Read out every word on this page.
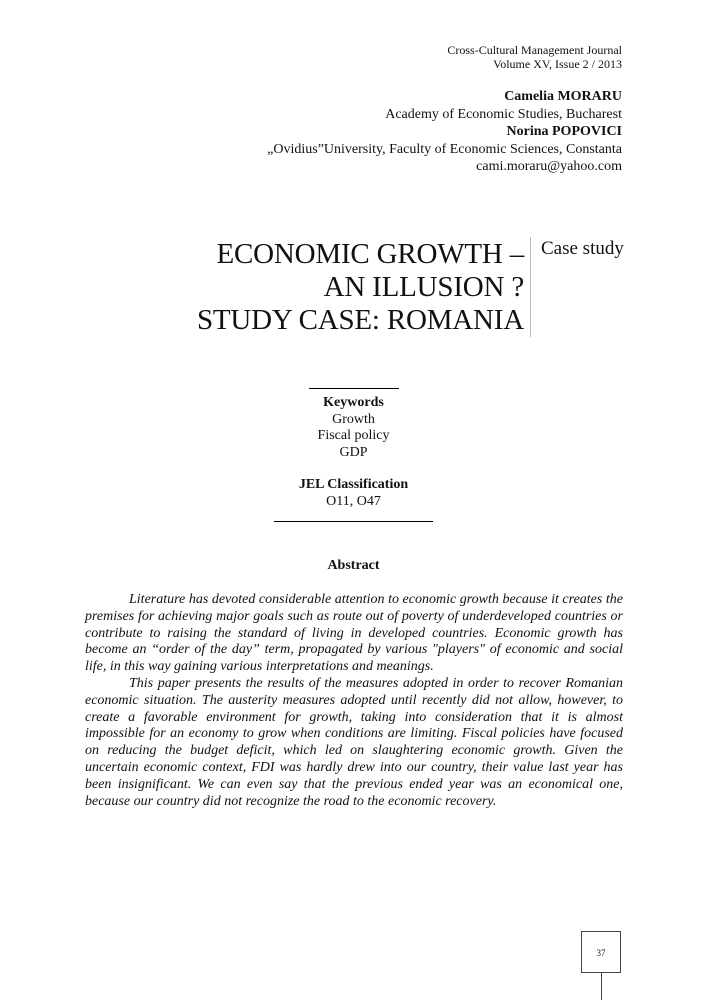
Cross-Cultural Management Journal
Volume XV, Issue 2 / 2013
Camelia MORARU
Academy of Economic Studies, Bucharest
Norina POPOVICI
„Ovidius”University, Faculty of Economic Sciences, Constanta
cami.moraru@yahoo.com
ECONOMIC GROWTH –
AN ILLUSION ?
STUDY CASE: ROMANIA
Case study
Keywords
Growth
Fiscal policy
GDP
JEL Classification
O11, O47
Abstract

Literature has devoted considerable attention to economic growth because it creates the premises for achieving major goals such as route out of poverty of underdeveloped countries or contribute to raising the standard of living in developed countries. Economic growth has become an “order of the day” term, propagated by various "players" of economic and social life, in this way gaining various interpretations and meanings.

This paper presents the results of the measures adopted in order to recover Romanian economic situation. The austerity measures adopted until recently did not allow, however, to create a favorable environment for growth, taking into consideration that it is almost impossible for an economy to grow when conditions are limiting. Fiscal policies have focused on reducing the budget deficit, which led on slaughtering economic growth. Given the uncertain economic context, FDI was hardly drew into our country, their value last year has been insignificant. We can even say that the previous ended year was an economical one, because our country did not recognize the road to the economic recovery.

37
